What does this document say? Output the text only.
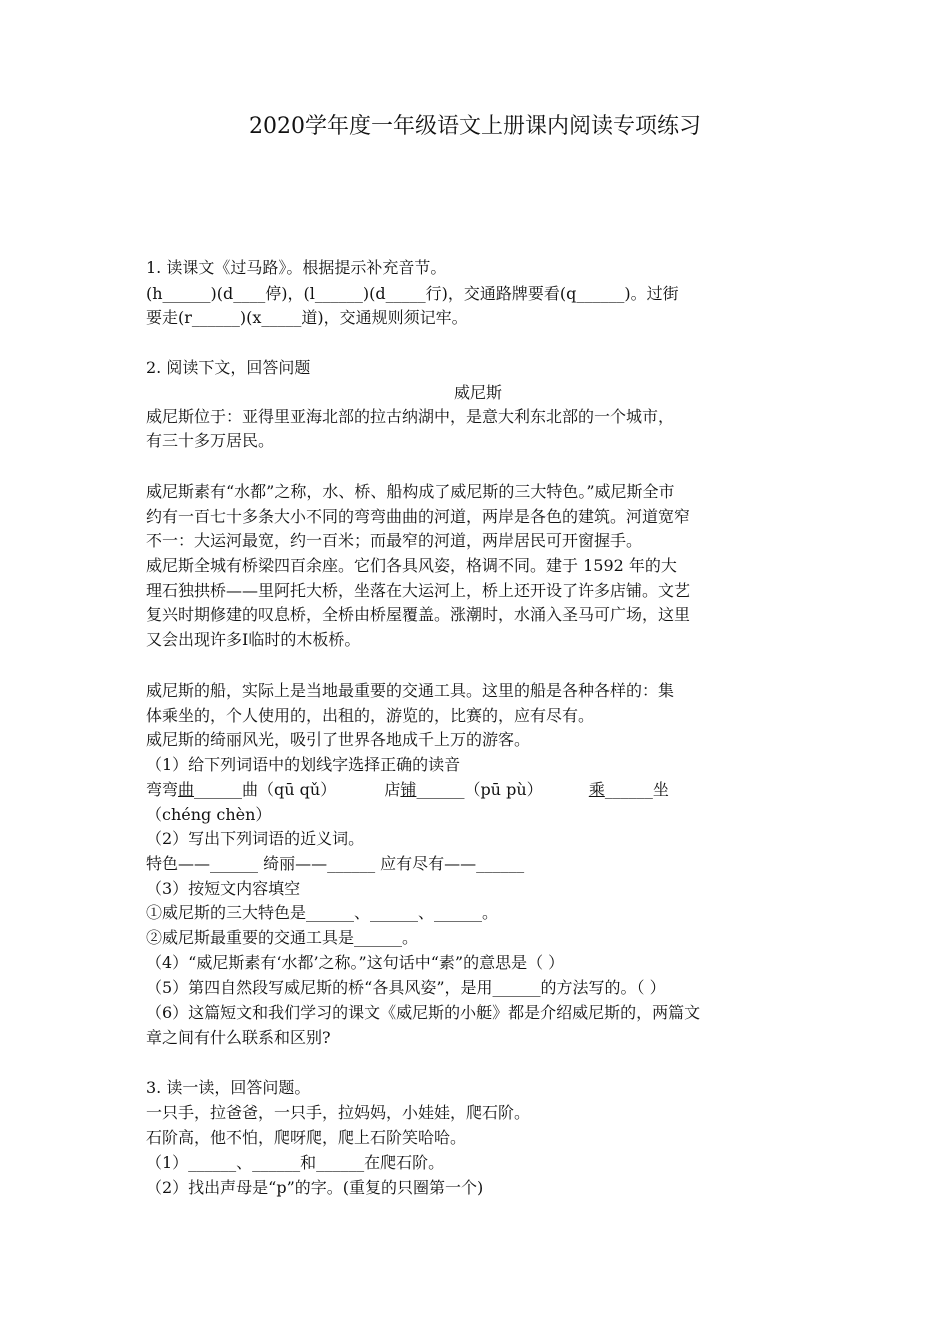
2020学年度一年级语文上册课内阅读专项练习
1. 读课文《过马路》。根据提示补充音节。
(h______)(d____停)，(l______)(d_____行)，交通路牌要看(q______)。过街
要走(r______)(x_____道)，交通规则须记牢。
2. 阅读下文，回答问题
威尼斯
威尼斯位于：亚得里亚海北部的拉古纳湖中，是意大利东北部的一个城市，
有三十多万居民。
威尼斯素有“水都”之称，水、桥、船构成了威尼斯的三大特色。”威尼斯全市
约有一百七十多条大小不同的弯弯曲曲的河道，两岸是各色的建筑。河道宽窄
不一：大运河最宽，约一百米；而最窄的河道，两岸居民可开窗握手。
威尼斯全城有桥梁四百余座。它们各具风姿，格调不同。建于 1592 年的大
理石独拱桥——里阿托大桥，坐落在大运河上，桥上还开设了许多店铺。文艺
复兴时期修建的叹息桥，全桥由桥屋覆盖。涨潮时，水涌入圣马可广场，这里
又会出现许多Ⅰ临时的木板桥。
威尼斯的船，实际上是当地最重要的交通工具。这里的船是各种各样的：集
体乘坐的，个人使用的，出租的，游览的，比赛的，应有尽有。
威尼斯的绮丽风光，吸引了世界各地成千上万的游客。
（1）给下列词语中的划线字选择正确的读音
弯弯曲______曲（qū qǔ）	店铺______（pū pù）	乘______坐
（chéng chèn）
（2）写出下列词语的近义词。
特色——______ 绮丽——______ 应有尽有——______
（3）按短文内容填空
①威尼斯的三大特色是______、______、______。
②威尼斯最重要的交通工具是______。
（4）“威尼斯素有‘水都’之称。”这句话中“素”的意思是（ ）
（5）第四自然段写威尼斯的桥“各具风姿”，是用______的方法写的。（ ）
（6）这篇短文和我们学习的课文《威尼斯的小艇》都是介绍威尼斯的，两篇文
章之间有什么联系和区别?
3. 读一读，回答问题。
一只手，拉爸爸，一只手，拉妈妈，小娃娃，爬石阶。
石阶高，他不怕，爬呀爬，爬上石阶笑哈哈。
（1）______、______和______在爬石阶。
（2）找出声母是“p”的字。(重复的只圈第一个)
